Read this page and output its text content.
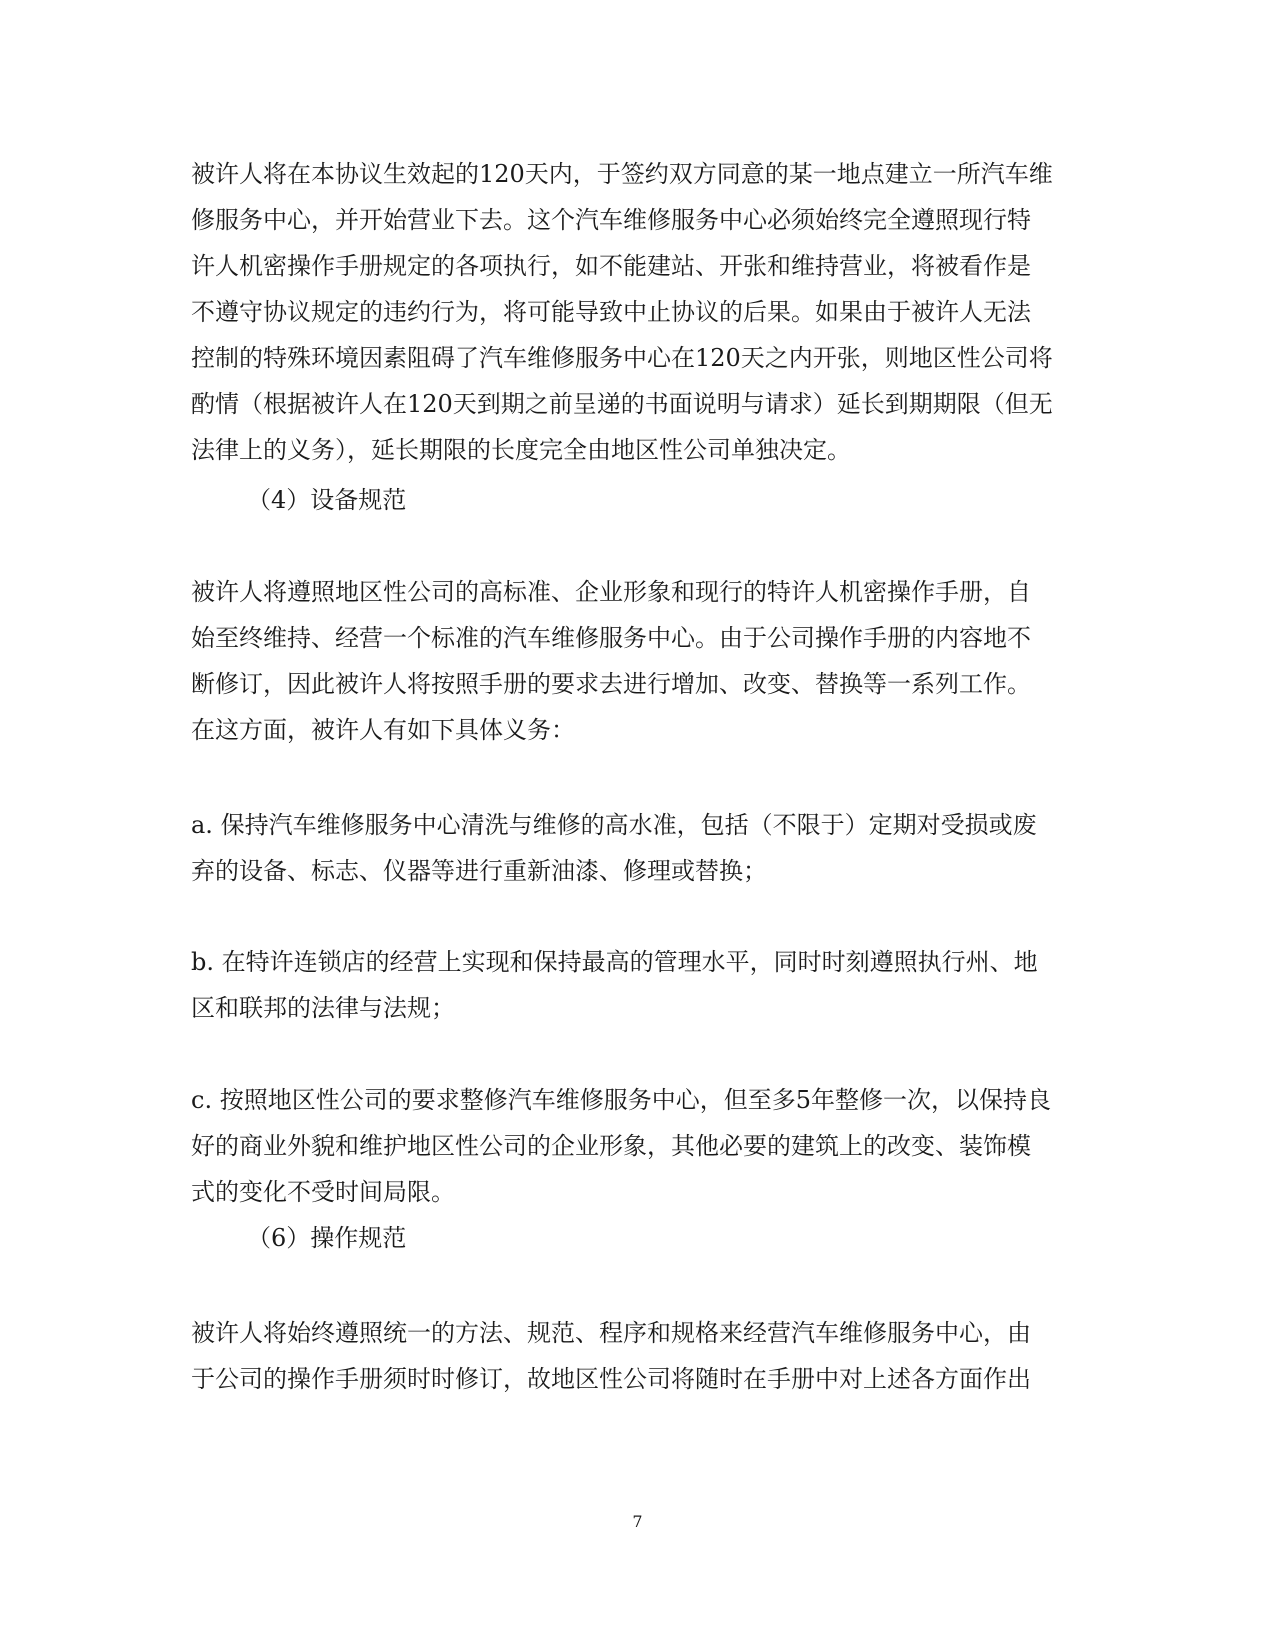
被许人将在本协议生效起的120天内，于签约双方同意的某一地点建立一所汽车维
修服务中心，并开始营业下去。这个汽车维修服务中心必须始终完全遵照现行特
许人机密操作手册规定的各项执行，如不能建站、开张和维持营业，将被看作是
不遵守协议规定的违约行为，将可能导致中止协议的后果。如果由于被许人无法
控制的特殊环境因素阻碍了汽车维修服务中心在120天之内开张，则地区性公司将
酌情（根据被许人在120天到期之前呈递的书面说明与请求）延长到期期限（但无
法律上的义务），延长期限的长度完全由地区性公司单独决定。
（4）设备规范
被许人将遵照地区性公司的高标准、企业形象和现行的特许人机密操作手册，自
始至终维持、经营一个标准的汽车维修服务中心。由于公司操作手册的内容地不
断修订，因此被许人将按照手册的要求去进行增加、改变、替换等一系列工作。
在这方面，被许人有如下具体义务：
a. 保持汽车维修服务中心清洗与维修的高水准，包括（不限于）定期对受损或废
弃的设备、标志、仪器等进行重新油漆、修理或替换；
b. 在特许连锁店的经营上实现和保持最高的管理水平，同时时刻遵照执行州、地
区和联邦的法律与法规；
c. 按照地区性公司的要求整修汽车维修服务中心，但至多5年整修一次，以保持良
好的商业外貌和维护地区性公司的企业形象，其他必要的建筑上的改变、装饰模
式的变化不受时间局限。
（6）操作规范
被许人将始终遵照统一的方法、规范、程序和规格来经营汽车维修服务中心，由
于公司的操作手册须时时修订，故地区性公司将随时在手册中对上述各方面作出
7
